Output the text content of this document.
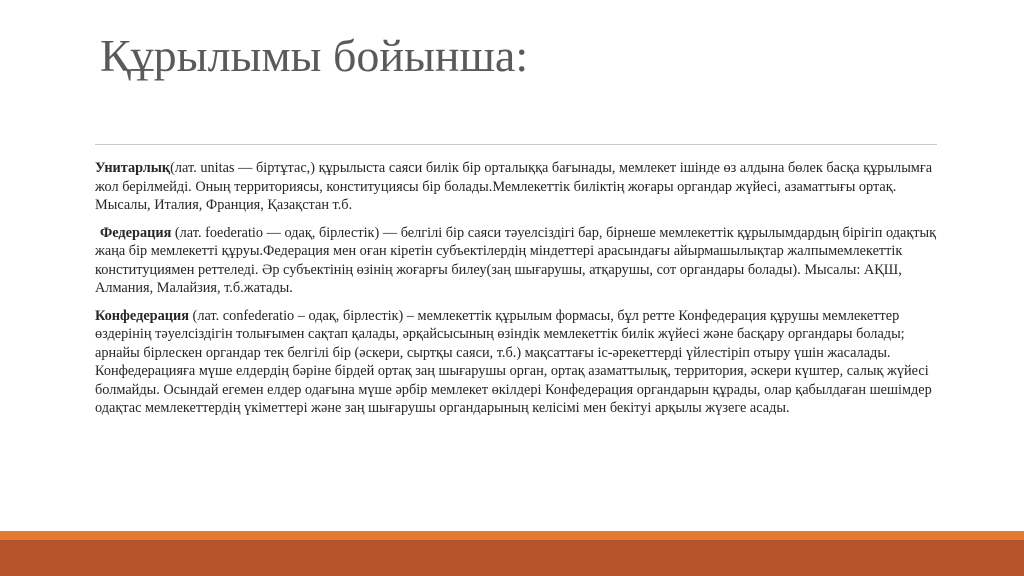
Құрылымы бойынша:

Унитарлық(лат. unitas — біртұтас,) құрылыста саяси билік бір орталыққа бағынады, мемлекет ішінде өз алдына бөлек басқа құрылымға жол берілмейді. Оның территориясы, конституциясы бір болады.Мемлекеттік биліктің жоғары органдар жүйесі, азаматтығы ортақ. Мысалы, Италия, Франция, Қазақстан т.б.

Федерация (лат. foederatio — одақ, бірлестік) — белгілі бір саяси тәуелсіздігі бар, бірнеше мемлекеттік құрылымдардың бірігіп одақтық жаңа бір мемлекетті құруы.Федерация мен оған кіретін субъектілердің міндеттері арасындағы айырмашылықтар жалпымемлекеттік конституциямен реттеледі. Әр субъектінің өзінің жоғарғы билеу(заң шығарушы, атқарушы, сот органдары болады). Мысалы: АҚШ, Алмания, Малайзия, т.б.жатады.

Конфедерация (лат. confederatio – одақ, бірлестік) – мемлекеттік құрылым формасы, бұл ретте Конфедерация құрушы мемлекеттер өздерінің тәуелсіздігін толығымен сақтап қалады, әрқайсысының өзіндік мемлекеттік билік жүйесі және басқару органдары болады; арнайы бірлескен органдар тек белгілі бір (әскери, сыртқы саяси, т.б.) мақсаттағы іс-әрекеттерді үйлестіріп отыру үшін жасалады. Конфедерацияға мүше елдердің бәріне бірдей ортақ заң шығарушы орган, ортақ азаматтылық, территория, әскери күштер, салық жүйесі болмайды. Осындай егемен елдер одағына мүше әрбір мемлекет өкілдері Конфедерация органдарын құрады, олар қабылдаған шешімдер одақтас мемлекеттердің үкіметтері және заң шығарушы органдарының келісімі мен бекітуі арқылы жүзеге асады.
